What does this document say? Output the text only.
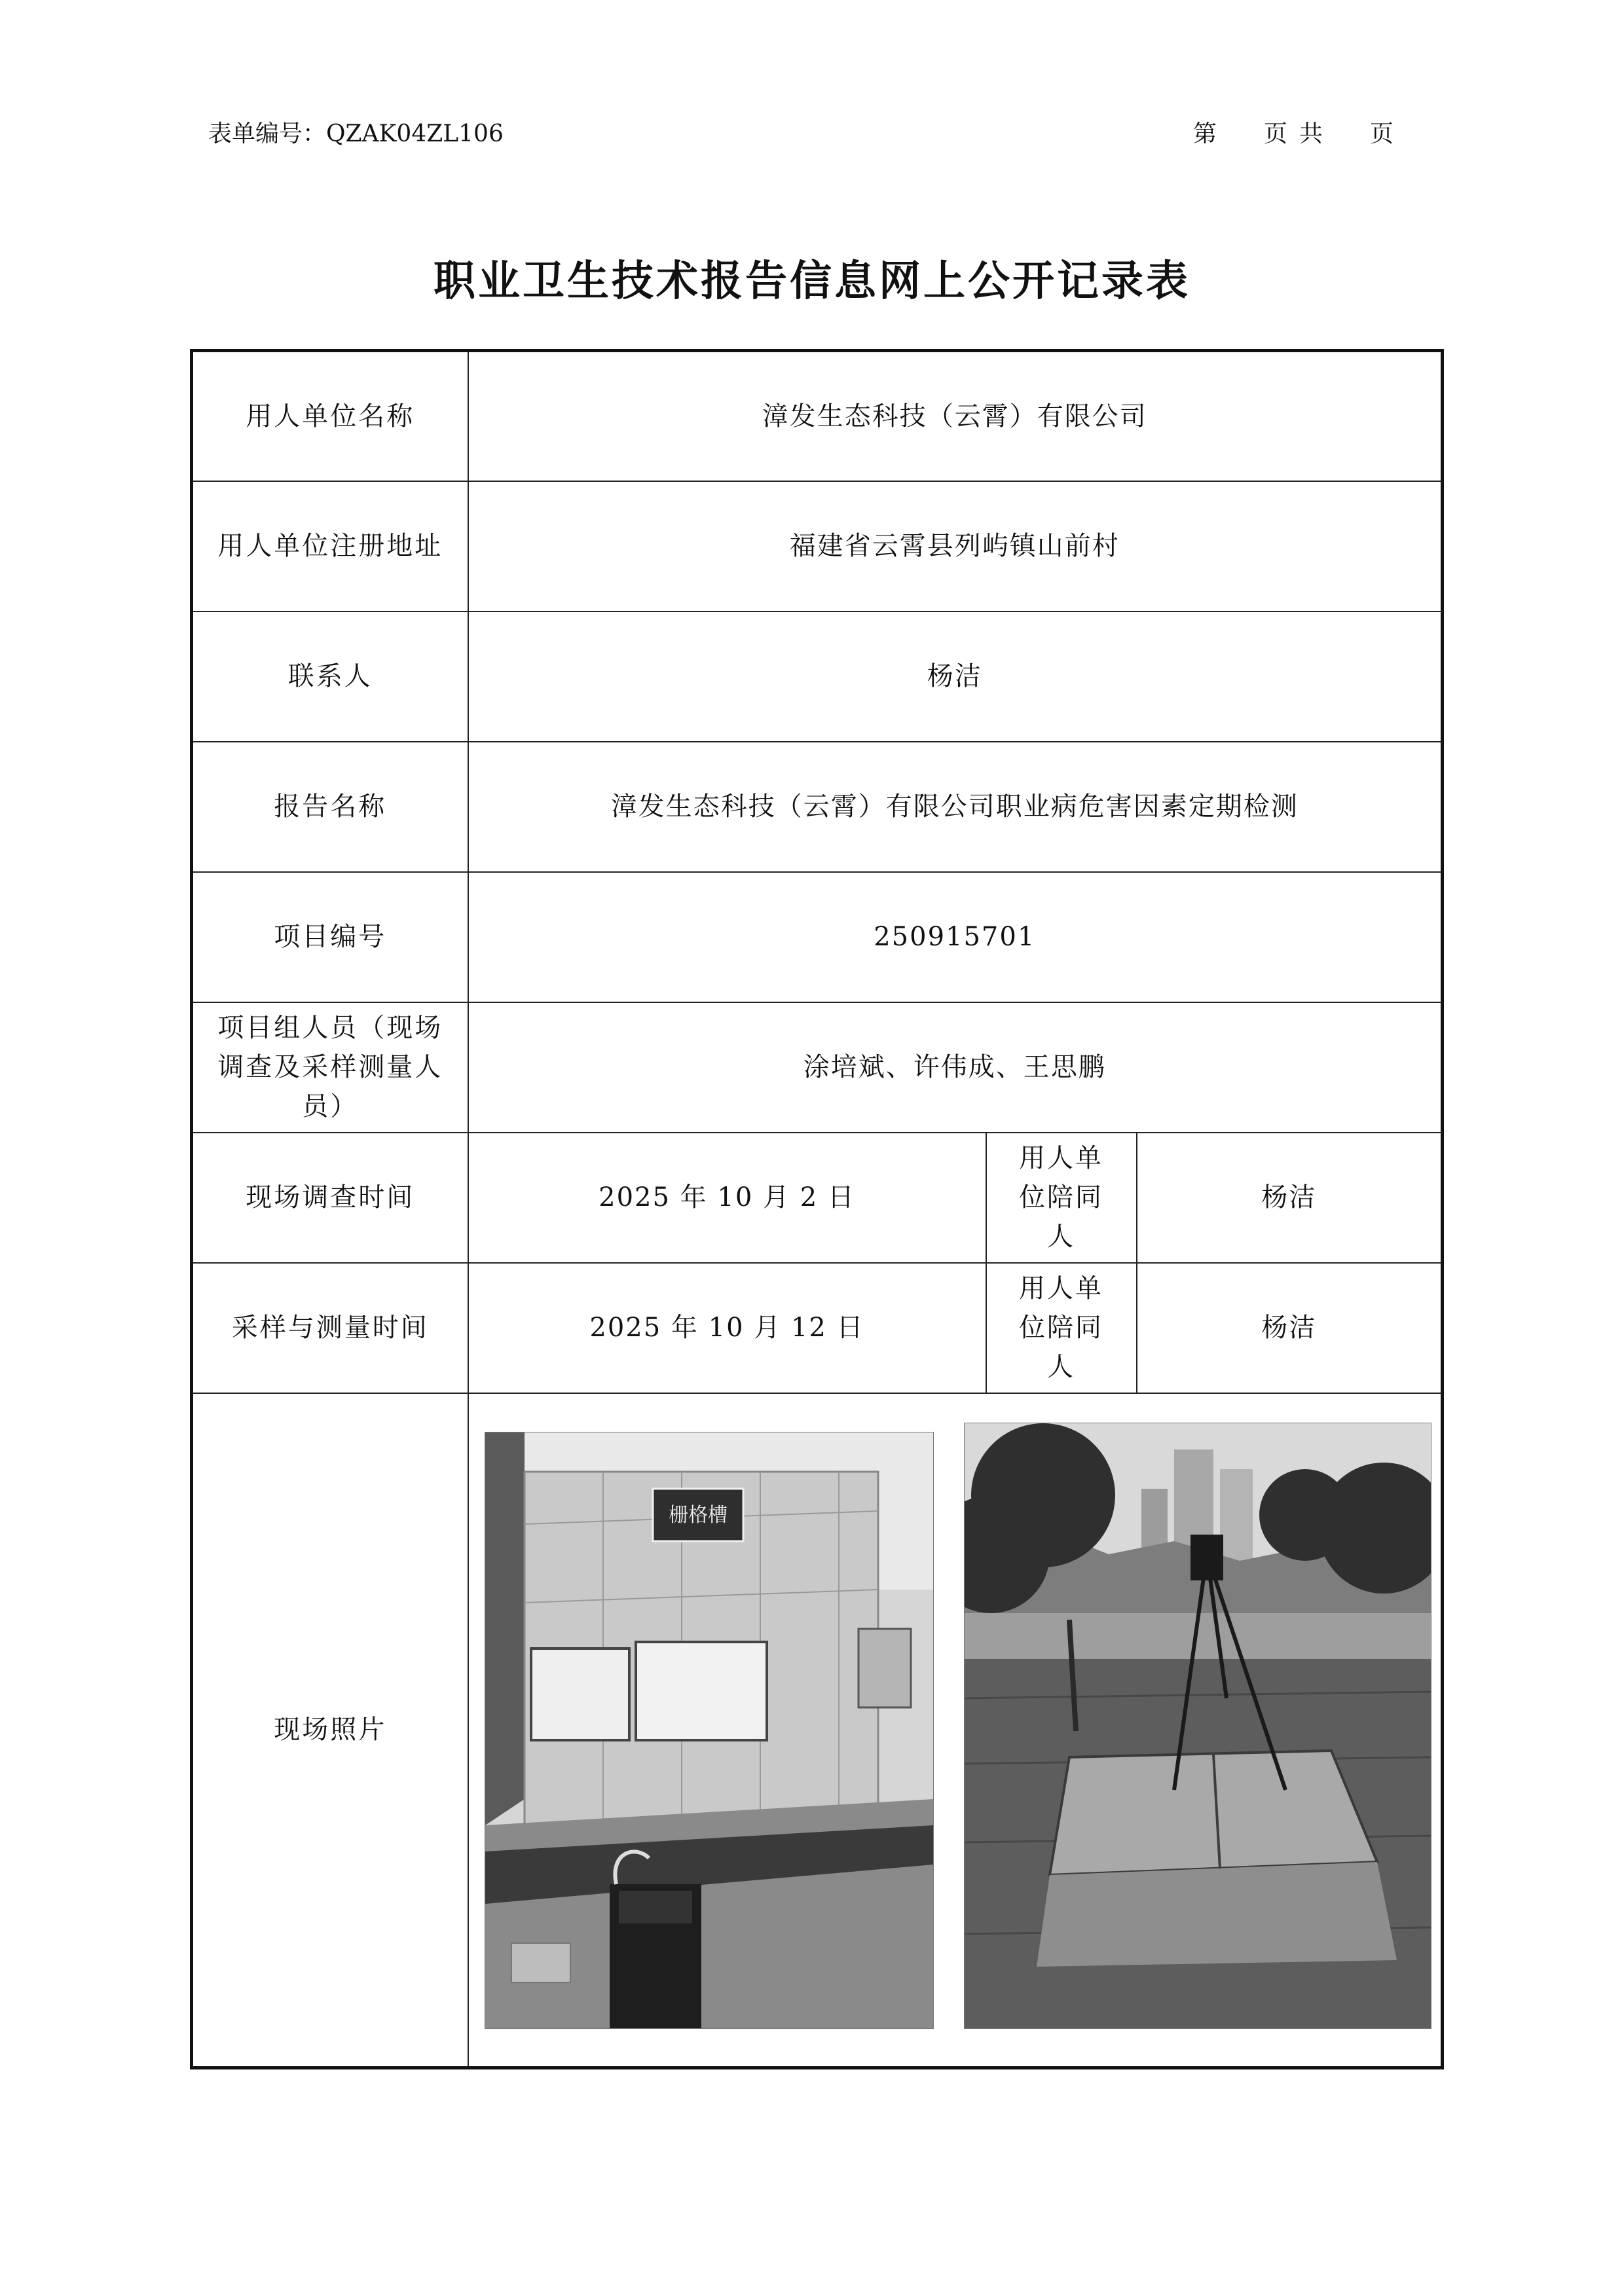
表单编号：QZAK04ZL106	第 页 共 页
职业卫生技术报告信息网上公开记录表
用人单位名称	漳发生态科技（云霄）有限公司		
用人单位注册地址	福建省云霄县列屿镇山前村		
联系人	杨洁		
报告名称	漳发生态科技（云霄）有限公司职业病危害因素定期检测		
项目编号	250915701		
项目组人员（现场调查及采样测量人员）	涂培斌、许伟成、王思鹏		
现场调查时间	2025 年 10 月 2 日	用人单位陪同人	杨洁
采样与测量时间	2025 年 10 月 12 日	用人单位陪同人	杨洁
现场照片	栅格槽		
